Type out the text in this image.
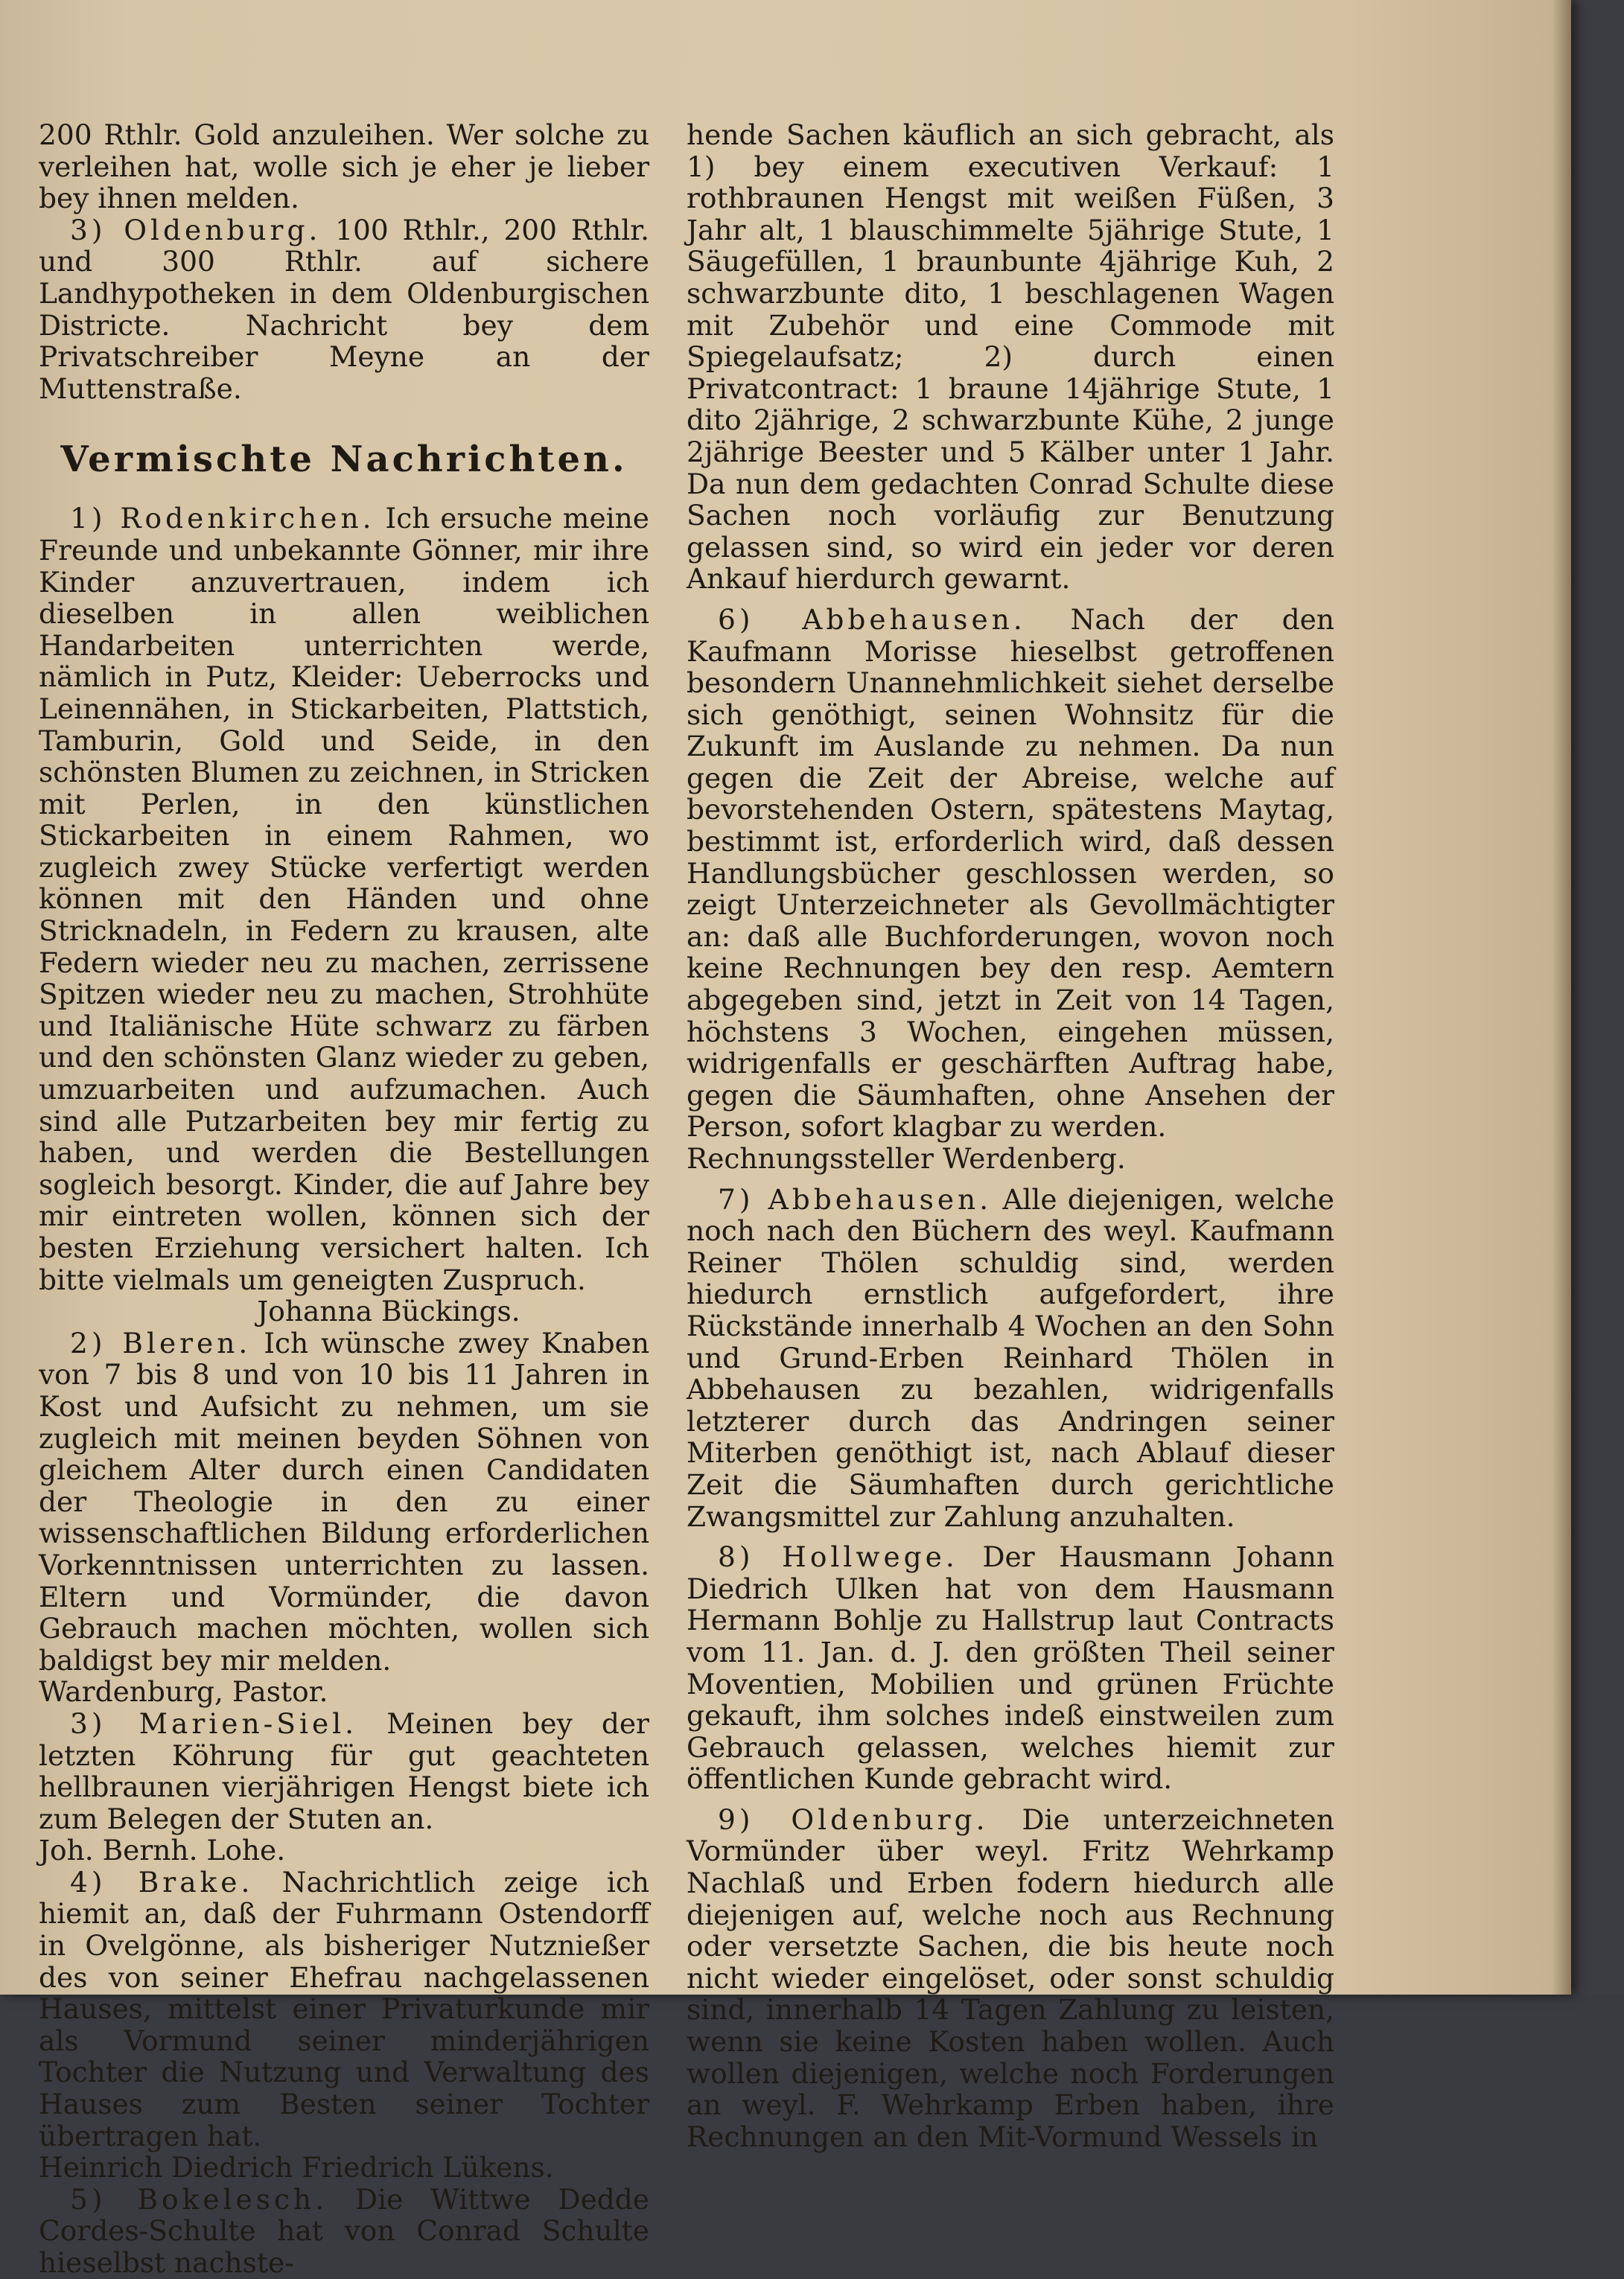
200 Rthlr. Gold anzuleihen. Wer solche zu verleihen hat, wolle sich je eher je lieber bey ihnen melden.

3) Oldenburg. 100 Rthlr., 200 Rthlr. und 300 Rthlr. auf sichere Landhypotheken in dem Oldenburgischen Districte. Nachricht bey dem Privatschreiber Meyne an der Muttenstraße.

Vermischte Nachrichten.

1) Rodenkirchen. Ich ersuche meine Freunde und unbekannte Gönner, mir ihre Kinder anzuvertrauen, indem ich dieselben in allen weiblichen Handarbeiten unterrichten werde, nämlich in Putz, Kleider: Ueberrocks und Leinennähen, in Stickarbeiten, Plattstich, Tamburin, Gold und Seide, in den schönsten Blumen zu zeichnen, in Stricken mit Perlen, in den künstlichen Stickarbeiten in einem Rahmen, wo zugleich zwey Stücke verfertigt werden können mit den Händen und ohne Stricknadeln, in Federn zu krausen, alte Federn wieder neu zu machen, zerrissene Spitzen wieder neu zu machen, Strohhüte und Italiänische Hüte schwarz zu färben und den schönsten Glanz wieder zu geben, umzuarbeiten und aufzumachen. Auch sind alle Putzarbeiten bey mir fertig zu haben, und werden die Bestellungen sogleich besorgt. Kinder, die auf Jahre bey mir eintreten wollen, können sich der besten Erziehung versichert halten. Ich bitte vielmals um geneigten Zuspruch.

Johanna Bückings.

2) Bleren. Ich wünsche zwey Knaben von 7 bis 8 und von 10 bis 11 Jahren in Kost und Aufsicht zu nehmen, um sie zugleich mit meinen beyden Söhnen von gleichem Alter durch einen Candidaten der Theologie in den zu einer wissenschaftlichen Bildung erforderlichen Vorkenntnissen unterrichten zu lassen. Eltern und Vormünder, die davon Gebrauch machen möchten, wollen sich baldigst bey mir melden.

Wardenburg, Pastor.

3) Marien-Siel. Meinen bey der letzten Köhrung für gut geachteten hellbraunen vierjährigen Hengst biete ich zum Belegen der Stuten an.

Joh. Bernh. Lohe.

4) Brake. Nachrichtlich zeige ich hiemit an, daß der Fuhrmann Ostendorff in Ovelgönne, als bisheriger Nutznießer des von seiner Ehefrau nachgelassenen Hauses, mittelst einer Privaturkunde mir als Vormund seiner minderjährigen Tochter die Nutzung und Verwaltung des Hauses zum Besten seiner Tochter übertragen hat.

Heinrich Diedrich Friedrich Lükens.

5) Bokelesch. Die Wittwe Dedde Cordes-Schulte hat von Conrad Schulte hieselbst nachste-

hende Sachen käuflich an sich gebracht, als 1) bey einem executiven Verkauf: 1 rothbraunen Hengst mit weißen Füßen, 3 Jahr alt, 1 blauschimmelte 5jährige Stute, 1 Säugefüllen, 1 braunbunte 4jährige Kuh, 2 schwarzbunte dito, 1 beschlagenen Wagen mit Zubehör und eine Commode mit Spiegelaufsatz; 2) durch einen Privatcontract: 1 braune 14jährige Stute, 1 dito 2jährige, 2 schwarzbunte Kühe, 2 junge 2jährige Beester und 5 Kälber unter 1 Jahr. Da nun dem gedachten Conrad Schulte diese Sachen noch vorläufig zur Benutzung gelassen sind, so wird ein jeder vor deren Ankauf hierdurch gewarnt.

6) Abbehausen. Nach der den Kaufmann Morisse hieselbst getroffenen besondern Unannehmlichkeit siehet derselbe sich genöthigt, seinen Wohnsitz für die Zukunft im Auslande zu nehmen. Da nun gegen die Zeit der Abreise, welche auf bevorstehenden Ostern, spätestens Maytag, bestimmt ist, erforderlich wird, daß dessen Handlungsbücher geschlossen werden, so zeigt Unterzeichneter als Gevollmächtigter an: daß alle Buchforderungen, wovon noch keine Rechnungen bey den resp. Aemtern abgegeben sind, jetzt in Zeit von 14 Tagen, höchstens 3 Wochen, eingehen müssen, widrigenfalls er geschärften Auftrag habe, gegen die Säumhaften, ohne Ansehen der Person, sofort klagbar zu werden.

Rechnungssteller Werdenberg.

7) Abbehausen. Alle diejenigen, welche noch nach den Büchern des weyl. Kaufmann Reiner Thölen schuldig sind, werden hiedurch ernstlich aufgefordert, ihre Rückstände innerhalb 4 Wochen an den Sohn und Grund-Erben Reinhard Thölen in Abbehausen zu bezahlen, widrigenfalls letzterer durch das Andringen seiner Miterben genöthigt ist, nach Ablauf dieser Zeit die Säumhaften durch gerichtliche Zwangsmittel zur Zahlung anzuhalten.

8) Hollwege. Der Hausmann Johann Diedrich Ulken hat von dem Hausmann Hermann Bohlje zu Hallstrup laut Contracts vom 11. Jan. d. J. den größten Theil seiner Moventien, Mobilien und grünen Früchte gekauft, ihm solches indeß einstweilen zum Gebrauch gelassen, welches hiemit zur öffentlichen Kunde gebracht wird.

9) Oldenburg. Die unterzeichneten Vormünder über weyl. Fritz Wehrkamp Nachlaß und Erben fodern hiedurch alle diejenigen auf, welche noch aus Rechnung oder versetzte Sachen, die bis heute noch nicht wieder eingelöset, oder sonst schuldig sind, innerhalb 14 Tagen Zahlung zu leisten, wenn sie keine Kosten haben wollen. Auch wollen diejenigen, welche noch Forderungen an weyl. F. Wehrkamp Erben haben, ihre Rechnungen an den Mit-Vormund Wessels in
